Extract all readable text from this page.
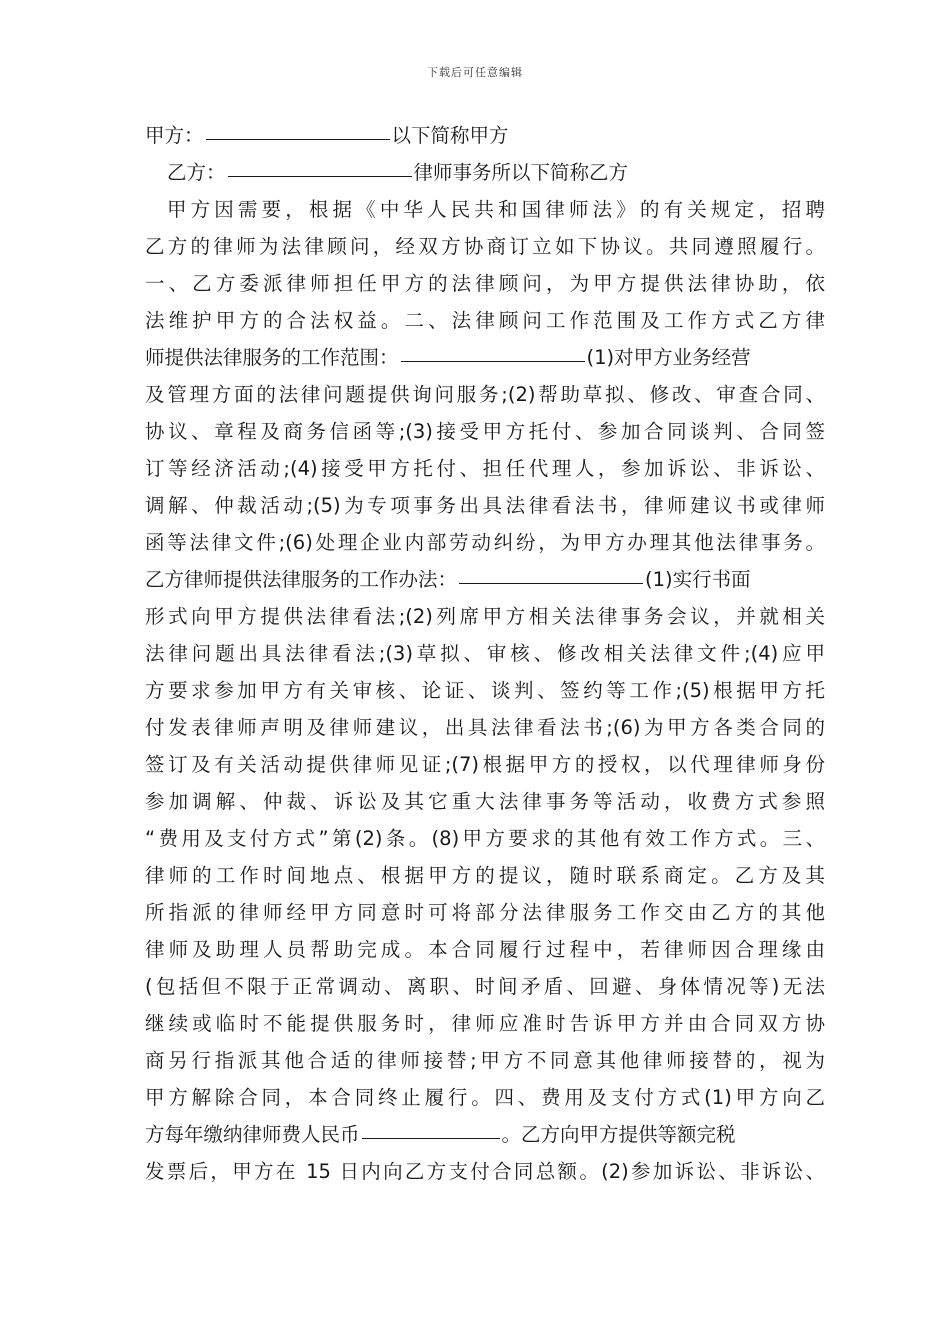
下载后可任意编辑
甲方：	以下简称甲方
乙方：	律师事务所以下简称乙方
甲方因需要，根据《中华人民共和国律师法》的有关规定，招聘
乙方的律师为法律顾问，经双方协商订立如下协议。共同遵照履行。
一、乙方委派律师担任甲方的法律顾问，为甲方提供法律协助，依
法维护甲方的合法权益。二、法律顾问工作范围及工作方式乙方律
师提供法律服务的工作范围：	(1)对甲方业务经营
及管理方面的法律问题提供询问服务;(2)帮助草拟、修改、审查合同、
协议、章程及商务信函等;(3)接受甲方托付、参加合同谈判、合同签
订等经济活动;(4)接受甲方托付、担任代理人，参加诉讼、非诉讼、
调解、仲裁活动;(5)为专项事务出具法律看法书，律师建议书或律师
函等法律文件;(6)处理企业内部劳动纠纷，为甲方办理其他法律事务。
乙方律师提供法律服务的工作办法：	(1)实行书面
形式向甲方提供法律看法;(2)列席甲方相关法律事务会议，并就相关
法律问题出具法律看法;(3)草拟、审核、修改相关法律文件;(4)应甲
方要求参加甲方有关审核、论证、谈判、签约等工作;(5)根据甲方托
付发表律师声明及律师建议，出具法律看法书;(6)为甲方各类合同的
签订及有关活动提供律师见证;(7)根据甲方的授权，以代理律师身份
参加调解、仲裁、诉讼及其它重大法律事务等活动，收费方式参照
“费用及支付方式”第(2)条。(8)甲方要求的其他有效工作方式。三、
律师的工作时间地点、根据甲方的提议，随时联系商定。乙方及其
所指派的律师经甲方同意时可将部分法律服务工作交由乙方的其他
律师及助理人员帮助完成。本合同履行过程中，若律师因合理缘由
(包括但不限于正常调动、离职、时间矛盾、回避、身体情况等)无法
继续或临时不能提供服务时，律师应准时告诉甲方并由合同双方协
商另行指派其他合适的律师接替;甲方不同意其他律师接替的，视为
甲方解除合同，本合同终止履行。四、费用及支付方式(1)甲方向乙
方每年缴纳律师费人民币	。乙方向甲方提供等额完税
发票后，甲方在 15 日内向乙方支付合同总额。(2)参加诉讼、非诉讼、
